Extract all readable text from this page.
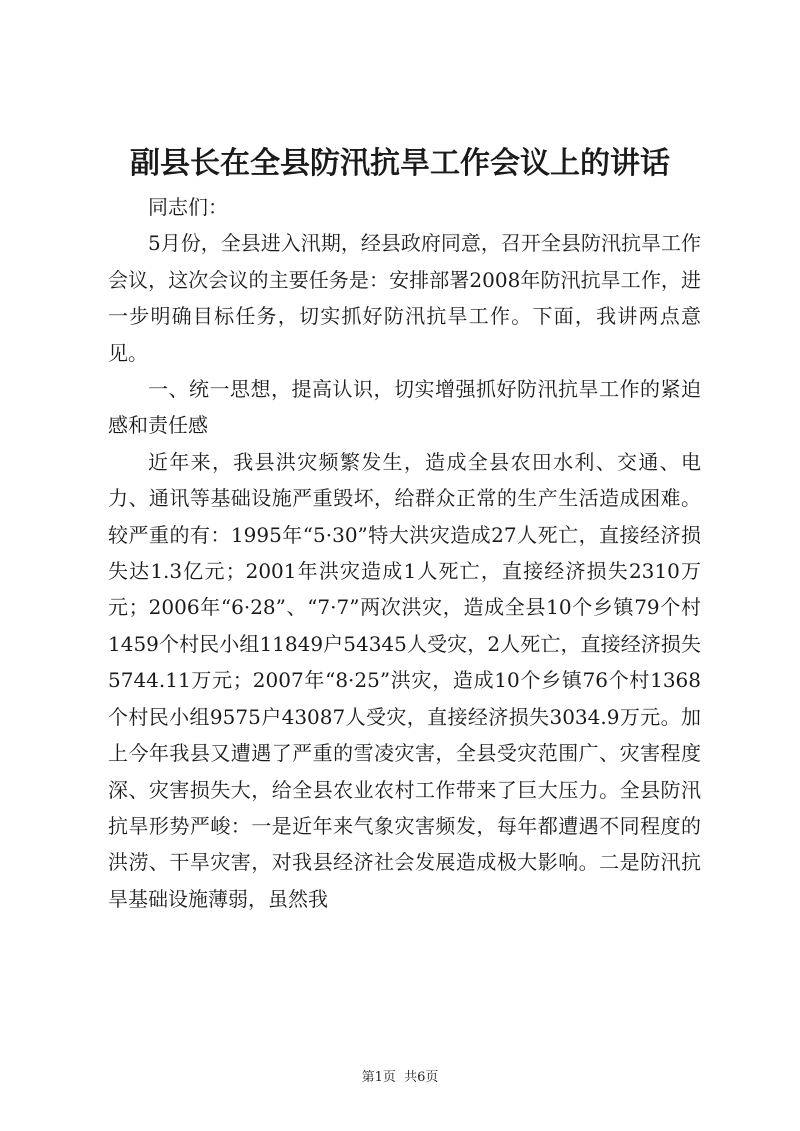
副县长在全县防汛抗旱工作会议上的讲话

同志们：

5月份，全县进入汛期，经县政府同意，召开全县防汛抗旱工作会议，这次会议的主要任务是：安排部署2008年防汛抗旱工作，进一步明确目标任务，切实抓好防汛抗旱工作。下面，我讲两点意见。

一、统一思想，提高认识，切实增强抓好防汛抗旱工作的紧迫感和责任感

近年来，我县洪灾频繁发生，造成全县农田水利、交通、电力、通讯等基础设施严重毁坏，给群众正常的生产生活造成困难。较严重的有：1995年“5·30”特大洪灾造成27人死亡，直接经济损失达1.3亿元；2001年洪灾造成1人死亡，直接经济损失2310万元；2006年“6·28”、“7·7”两次洪灾，造成全县10个乡镇79个村1459个村民小组11849户54345人受灾，2人死亡，直接经济损失5744.11万元；2007年“8·25”洪灾，造成10个乡镇76个村1368个村民小组9575户43087人受灾，直接经济损失3034.9万元。加上今年我县又遭遇了严重的雪凌灾害，全县受灾范围广、灾害程度深、灾害损失大，给全县农业农村工作带来了巨大压力。全县防汛抗旱形势严峻：一是近年来气象灾害频发，每年都遭遇不同程度的洪涝、干旱灾害，对我县经济社会发展造成极大影响。二是防汛抗旱基础设施薄弱，虽然我

第1页 共6页
